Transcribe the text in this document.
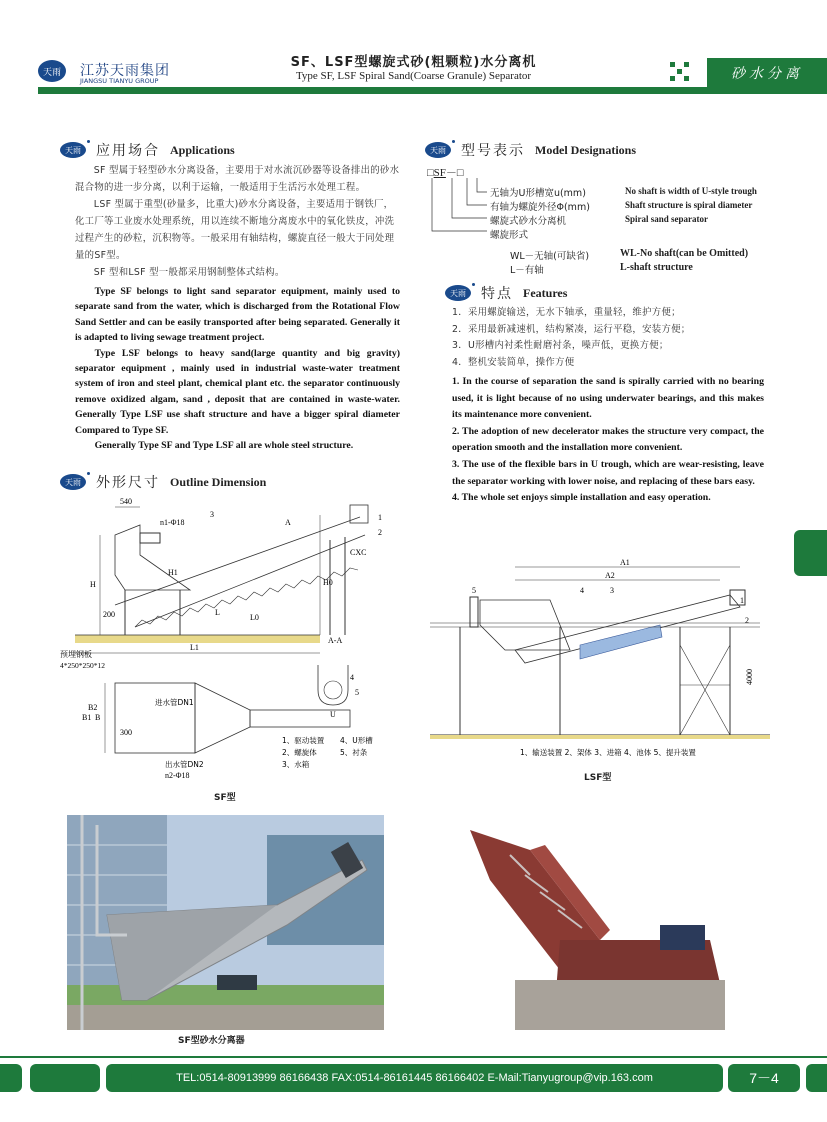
天雨 江苏天雨集团
JIANGSU TIANYU GROUP
SF、LSF型螺旋式砂(粗颗粒)水分离机
Type SF, LSF Spiral Sand(Coarse Granule) Separator	砂水分离
天雨	应用场合 Applications

SF 型属于轻型砂水分离设备，主要用于对水流沉砂器等设备排出的砂水混合物的进一步分离，以利于运输，一般适用于生活污水处理工程。

LSF 型属于重型(砂量多，比重大)砂水分离设备，主要适用于钢铁厂，化工厂等工业废水处理系统，用以连续不断地分离废水中的氧化铁皮，冲洗过程产生的砂粒，沉积物等。一般采用有轴结构，螺旋直径一般大于同处理量的SF型。

SF 型和LSF 型一般都采用钢制整体式结构。

Type SF belongs to light sand separator equipment, mainly used to separate sand from the water, which is discharged from the Rotational Flow Sand Settler and can be easily transported after being separated. Generally it is adapted to living sewage treatment project.

Type LSF belongs to heavy sand(large quantity and big gravity) separator equipment , mainly used in industrial waste-water treatment system of iron and steel plant, chemical plant etc. the separator continuously remove oxidized algam, sand , deposit that are contained in waste-water. Generally Type LSF use shaft structure and have a bigger spiral diameter Compared to Type SF.

Generally Type SF and Type LSF all are whole steel structure.

天雨	外形尺寸 Outline Dimension
540
n1-Φ18
3	1
2
A
CXC
H
H1
200	L
L0
L1
H0
A-A
预埋钢板
4*250*250*12
4
5
U
B
B1
B2
进水管DN1
300
出水管DN2
n2-Φ18
1、驱动装置 4、U形槽
2、螺旋体	5、衬条
3、水箱
SF型
天雨	型号表示 Model Designations
□SF－□
无轴为U形槽宽u(mm)	No shaft is width of U-style trough
有轴为螺旋外径Φ(mm)	Shaft structure is spiral diameter
螺旋式砂水分离机	Spiral sand separator
螺旋形式
WL－无轴(可缺省)	WL-No shaft(can be Omitted)
L－有轴	L-shaft structure
天雨	特点 Features

1．采用螺旋输送，无水下轴承，重量轻，维护方便；

2．采用最新减速机，结构紧凑，运行平稳，安装方便；

3．U形槽内衬柔性耐磨衬条，噪声低，更换方便；

4．整机安装简单，操作方便

1. In the course of separation the sand is spirally carried with no bearing used, it is light because of no using underwater bearings, and this makes its maintenance more convenient.

2. The adoption of new decelerator makes the structure very compact, the operation smooth and the installation more convenient.

3. The use of the flexible bars in U trough, which are wear-resisting, leave the separator working with lower noise, and replacing of these bars easy.

4. The whole set enjoys simple installation and easy operation.

A1
A2
5	4	3
1
2
4000
1、输送装置 2、架体 3、进箱 4、池体 5、提升装置
LSF型
SF型砂水分离器
TEL:0514-80913999 86166438 FAX:0514-86161445 86166402 E-Mail:Tianyugroup@vip.163.com	7－4
